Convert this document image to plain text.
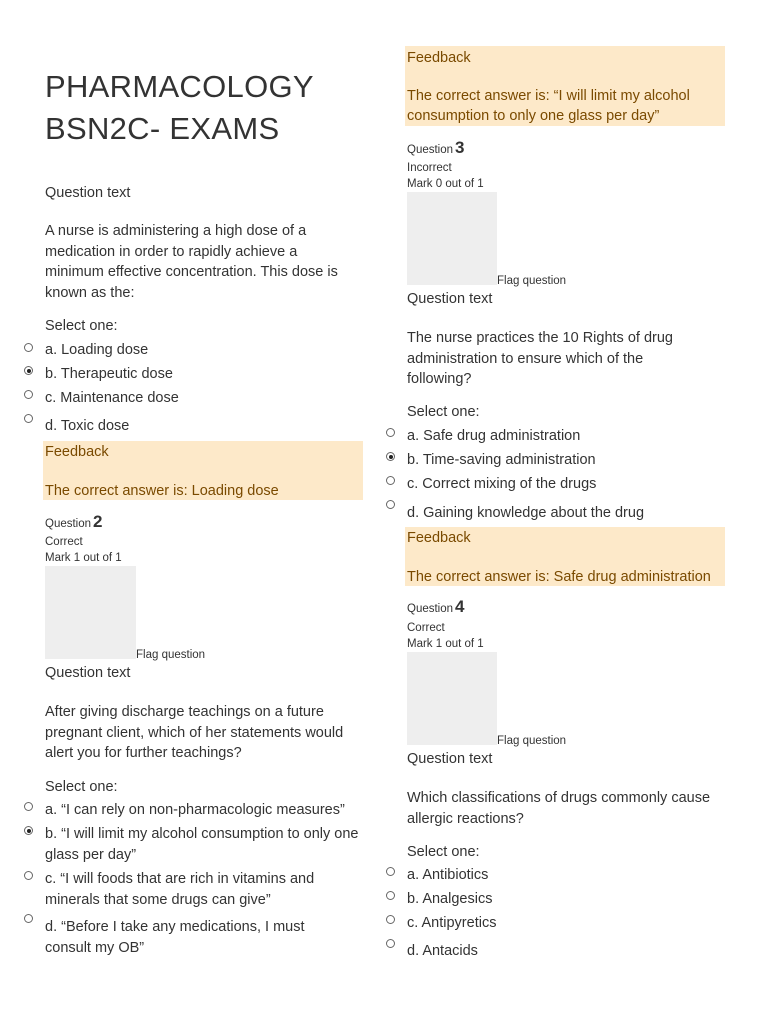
PHARMACOLOGY
BSN2C- EXAMS
Question text
A nurse is administering a high dose of a medication in order to rapidly achieve a minimum effective concentration. This dose is known as the:
Select one:
a. Loading dose
b. Therapeutic dose
c. Maintenance dose
d. Toxic dose
Feedback
The correct answer is: Loading dose
Question 2
Correct
Mark 1 out of 1
Flag question
Question text
After giving discharge teachings on a future pregnant client, which of her statements would alert you for further teachings?
Select one:
a. “I can rely on non-pharmacologic measures”
b. “I will limit my alcohol consumption to only one glass per day”
c. “I will foods that are rich in vitamins and minerals that some drugs can give”
d. “Before I take any medications, I must consult my OB”
Feedback
The correct answer is: “I will limit my alcohol consumption to only one glass per day”
Question 3
Incorrect
Mark 0 out of 1
Flag question
Question text
The nurse practices the 10 Rights of drug administration to ensure which of the following?
Select one:
a. Safe drug administration
b. Time-saving administration
c. Correct mixing of the drugs
d. Gaining knowledge about the drug
Feedback
The correct answer is: Safe drug administration
Question 4
Correct
Mark 1 out of 1
Flag question
Question text
Which classifications of drugs commonly cause allergic reactions?
Select one:
a. Antibiotics
b. Analgesics
c. Antipyretics
d. Antacids
